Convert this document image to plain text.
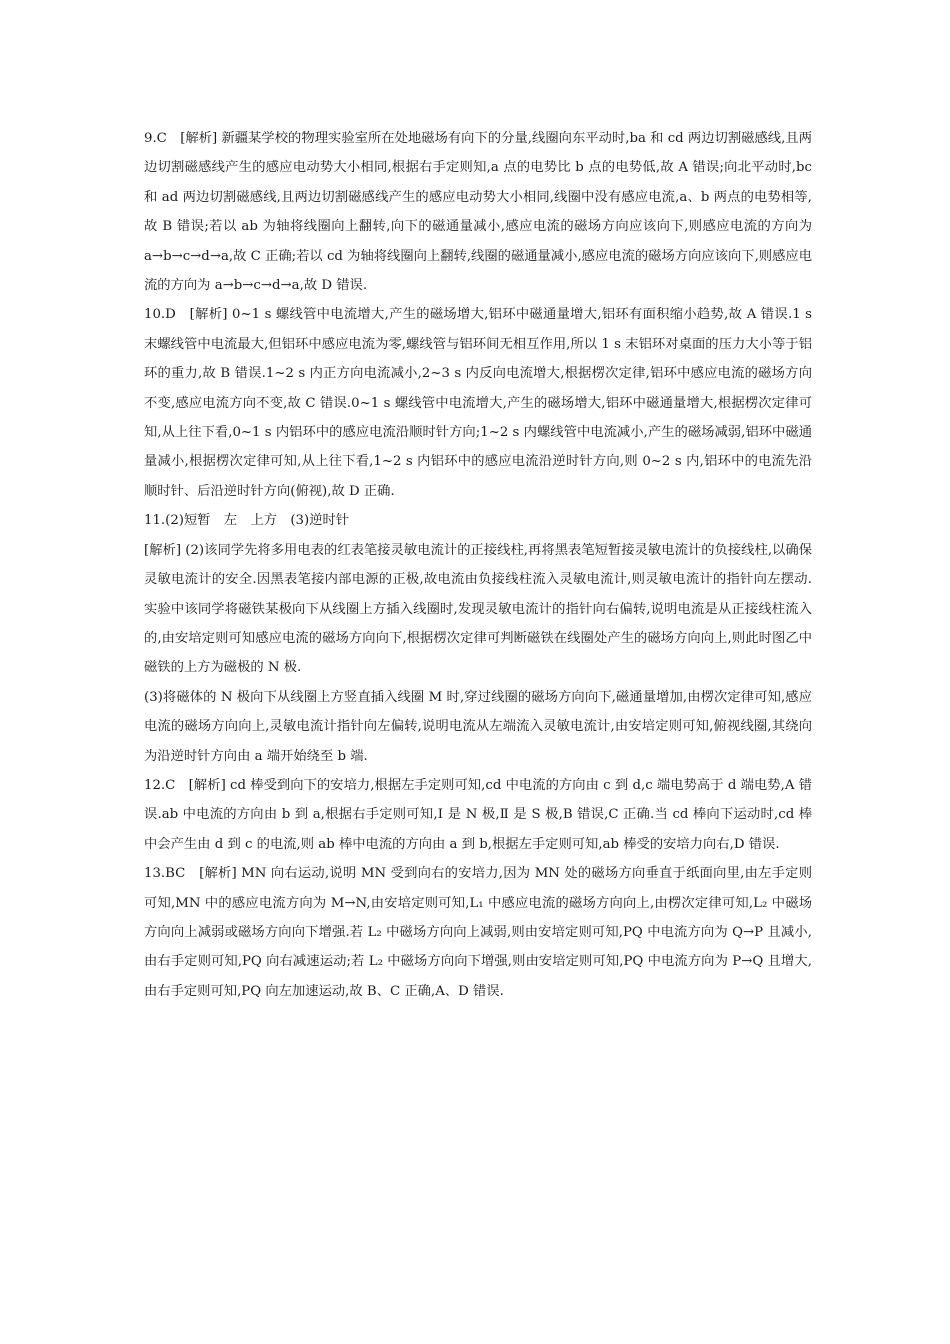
9.C　[解析] 新疆某学校的物理实验室所在处地磁场有向下的分量,线圈向东平动时,ba 和 cd 两边切割磁感线,且两边切割磁感线产生的感应电动势大小相同,根据右手定则知,a 点的电势比 b 点的电势低,故 A 错误;向北平动时,bc 和 ad 两边切割磁感线,且两边切割磁感线产生的感应电动势大小相同,线圈中没有感应电流,a、b 两点的电势相等,故 B 错误;若以 ab 为轴将线圈向上翻转,向下的磁通量减小,感应电流的磁场方向应该向下,则感应电流的方向为 a→b→c→d→a,故 C 正确;若以 cd 为轴将线圈向上翻转,线圈的磁通量减小,感应电流的磁场方向应该向下,则感应电流的方向为 a→b→c→d→a,故 D 错误.

10.D　[解析] 0~1 s 螺线管中电流增大,产生的磁场增大,铝环中磁通量增大,铝环有面积缩小趋势,故 A 错误.1 s 末螺线管中电流最大,但铝环中感应电流为零,螺线管与铝环间无相互作用,所以 1 s 末铝环对桌面的压力大小等于铝环的重力,故 B 错误.1~2 s 内正方向电流减小,2~3 s 内反向电流增大,根据楞次定律,铝环中感应电流的磁场方向不变,感应电流方向不变,故 C 错误.0~1 s 螺线管中电流增大,产生的磁场增大,铝环中磁通量增大,根据楞次定律可知,从上往下看,0~1 s 内铝环中的感应电流沿顺时针方向;1~2 s 内螺线管中电流减小,产生的磁场减弱,铝环中磁通量减小,根据楞次定律可知,从上往下看,1~2 s 内铝环中的感应电流沿逆时针方向,则 0~2 s 内,铝环中的电流先沿顺时针、后沿逆时针方向(俯视),故 D 正确.

11.(2)短暂　左　上方　(3)逆时针

[解析] (2)该同学先将多用电表的红表笔接灵敏电流计的正接线柱,再将黑表笔短暂接灵敏电流计的负接线柱,以确保灵敏电流计的安全.因黑表笔接内部电源的正极,故电流由负接线柱流入灵敏电流计,则灵敏电流计的指针向左摆动.实验中该同学将磁铁某极向下从线圈上方插入线圈时,发现灵敏电流计的指针向右偏转,说明电流是从正接线柱流入的,由安培定则可知感应电流的磁场方向向下,根据楞次定律可判断磁铁在线圈处产生的磁场方向向上,则此时图乙中磁铁的上方为磁极的 N 极.

(3)将磁体的 N 极向下从线圈上方竖直插入线圈 M 时,穿过线圈的磁场方向向下,磁通量增加,由楞次定律可知,感应电流的磁场方向向上,灵敏电流计指针向左偏转,说明电流从左端流入灵敏电流计,由安培定则可知,俯视线圈,其绕向为沿逆时针方向由 a 端开始绕至 b 端.

12.C　[解析] cd 棒受到向下的安培力,根据左手定则可知,cd 中电流的方向由 c 到 d,c 端电势高于 d 端电势,A 错误.ab 中电流的方向由 b 到 a,根据右手定则可知,Ⅰ 是 N 极,Ⅱ 是 S 极,B 错误,C 正确.当 cd 棒向下运动时,cd 棒中会产生由 d 到 c 的电流,则 ab 棒中电流的方向由 a 到 b,根据左手定则可知,ab 棒受的安培力向右,D 错误.

13.BC　[解析] MN 向右运动,说明 MN 受到向右的安培力,因为 MN 处的磁场方向垂直于纸面向里,由左手定则可知,MN 中的感应电流方向为 M→N,由安培定则可知,L₁ 中感应电流的磁场方向向上,由楞次定律可知,L₂ 中磁场方向向上减弱或磁场方向向下增强.若 L₂ 中磁场方向向上减弱,则由安培定则可知,PQ 中电流方向为 Q→P 且减小,由右手定则可知,PQ 向右减速运动;若 L₂ 中磁场方向向下增强,则由安培定则可知,PQ 中电流方向为 P→Q 且增大,由右手定则可知,PQ 向左加速运动,故 B、C 正确,A、D 错误.
